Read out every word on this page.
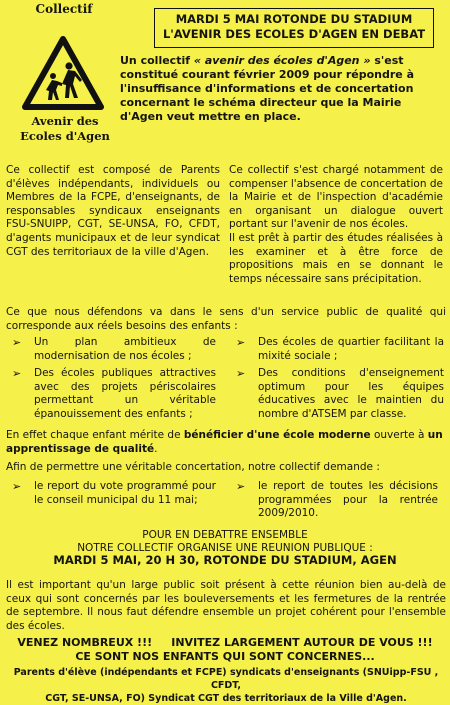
Collectif
Avenir des
Ecoles d'Agen
MARDI 5 MAI ROTONDE DU STADIUM
L'AVENIR DES ECOLES D'AGEN EN DEBAT
Un collectif « avenir des écoles d'Agen » s'est constitué courant février 2009 pour répondre à l'insuffisance d'informations et de concertation concernant le schéma directeur que la Mairie d'Agen veut mettre en place.
Ce collectif est composé de Parents d'élèves indépendants, individuels ou Membres de la FCPE, d'enseignants, de responsables syndicaux enseignants FSU-SNUIPP, CGT, SE-UNSA, FO, CFDT, d'agents municipaux et de leur syndicat CGT des territoriaux de la ville d'Agen.
Ce collectif s'est chargé notamment de compenser l'absence de concertation de la Mairie et de l'inspection d'académie en organisant un dialogue ouvert portant sur l'avenir de nos écoles.
Il est prêt à partir des études réalisées à les examiner et à être force de propositions mais en se donnant le temps nécessaire sans précipitation.
Ce que nous défendons va dans le sens d'un service public de qualité qui corresponde aux réels besoins des enfants :
➢ Un plan ambitieux de modernisation de nos écoles ;
➢ Des écoles de quartier facilitant la mixité sociale ;
➢ Des écoles publiques attractives avec des projets périscolaires permettant un véritable épanouissement des enfants ;
➢ Des conditions d'enseignement optimum pour les équipes éducatives avec le maintien du nombre d'ATSEM par classe.
En effet chaque enfant mérite de bénéficier d'une école moderne ouverte à un apprentissage de qualité.
Afin de permettre une véritable concertation, notre collectif demande :
➢ le report du vote programmé pour le conseil municipal du 11 mai;
➢ le report de toutes les décisions programmées pour la rentrée 2009/2010.
POUR EN DEBATTRE ENSEMBLE
NOTRE COLLECTIF ORGANISE UNE REUNION PUBLIQUE :
MARDI 5 MAI, 20 H 30, ROTONDE DU STADIUM, AGEN
Il est important qu'un large public soit présent à cette réunion bien au-delà de ceux qui sont concernés par les bouleversements et les fermetures de la rentrée de septembre. Il nous faut défendre ensemble un projet cohérent pour l'ensemble des écoles.
VENEZ NOMBREUX !!!     INVITEZ LARGEMENT AUTOUR DE VOUS !!!
CE SONT NOS ENFANTS QUI SONT CONCERNES...
Parents d'élève (indépendants et FCPE) syndicats d'enseignants (SNUipp-FSU , CFDT,
CGT, SE-UNSA, FO) Syndicat CGT des territoriaux de la Ville d'Agen.
